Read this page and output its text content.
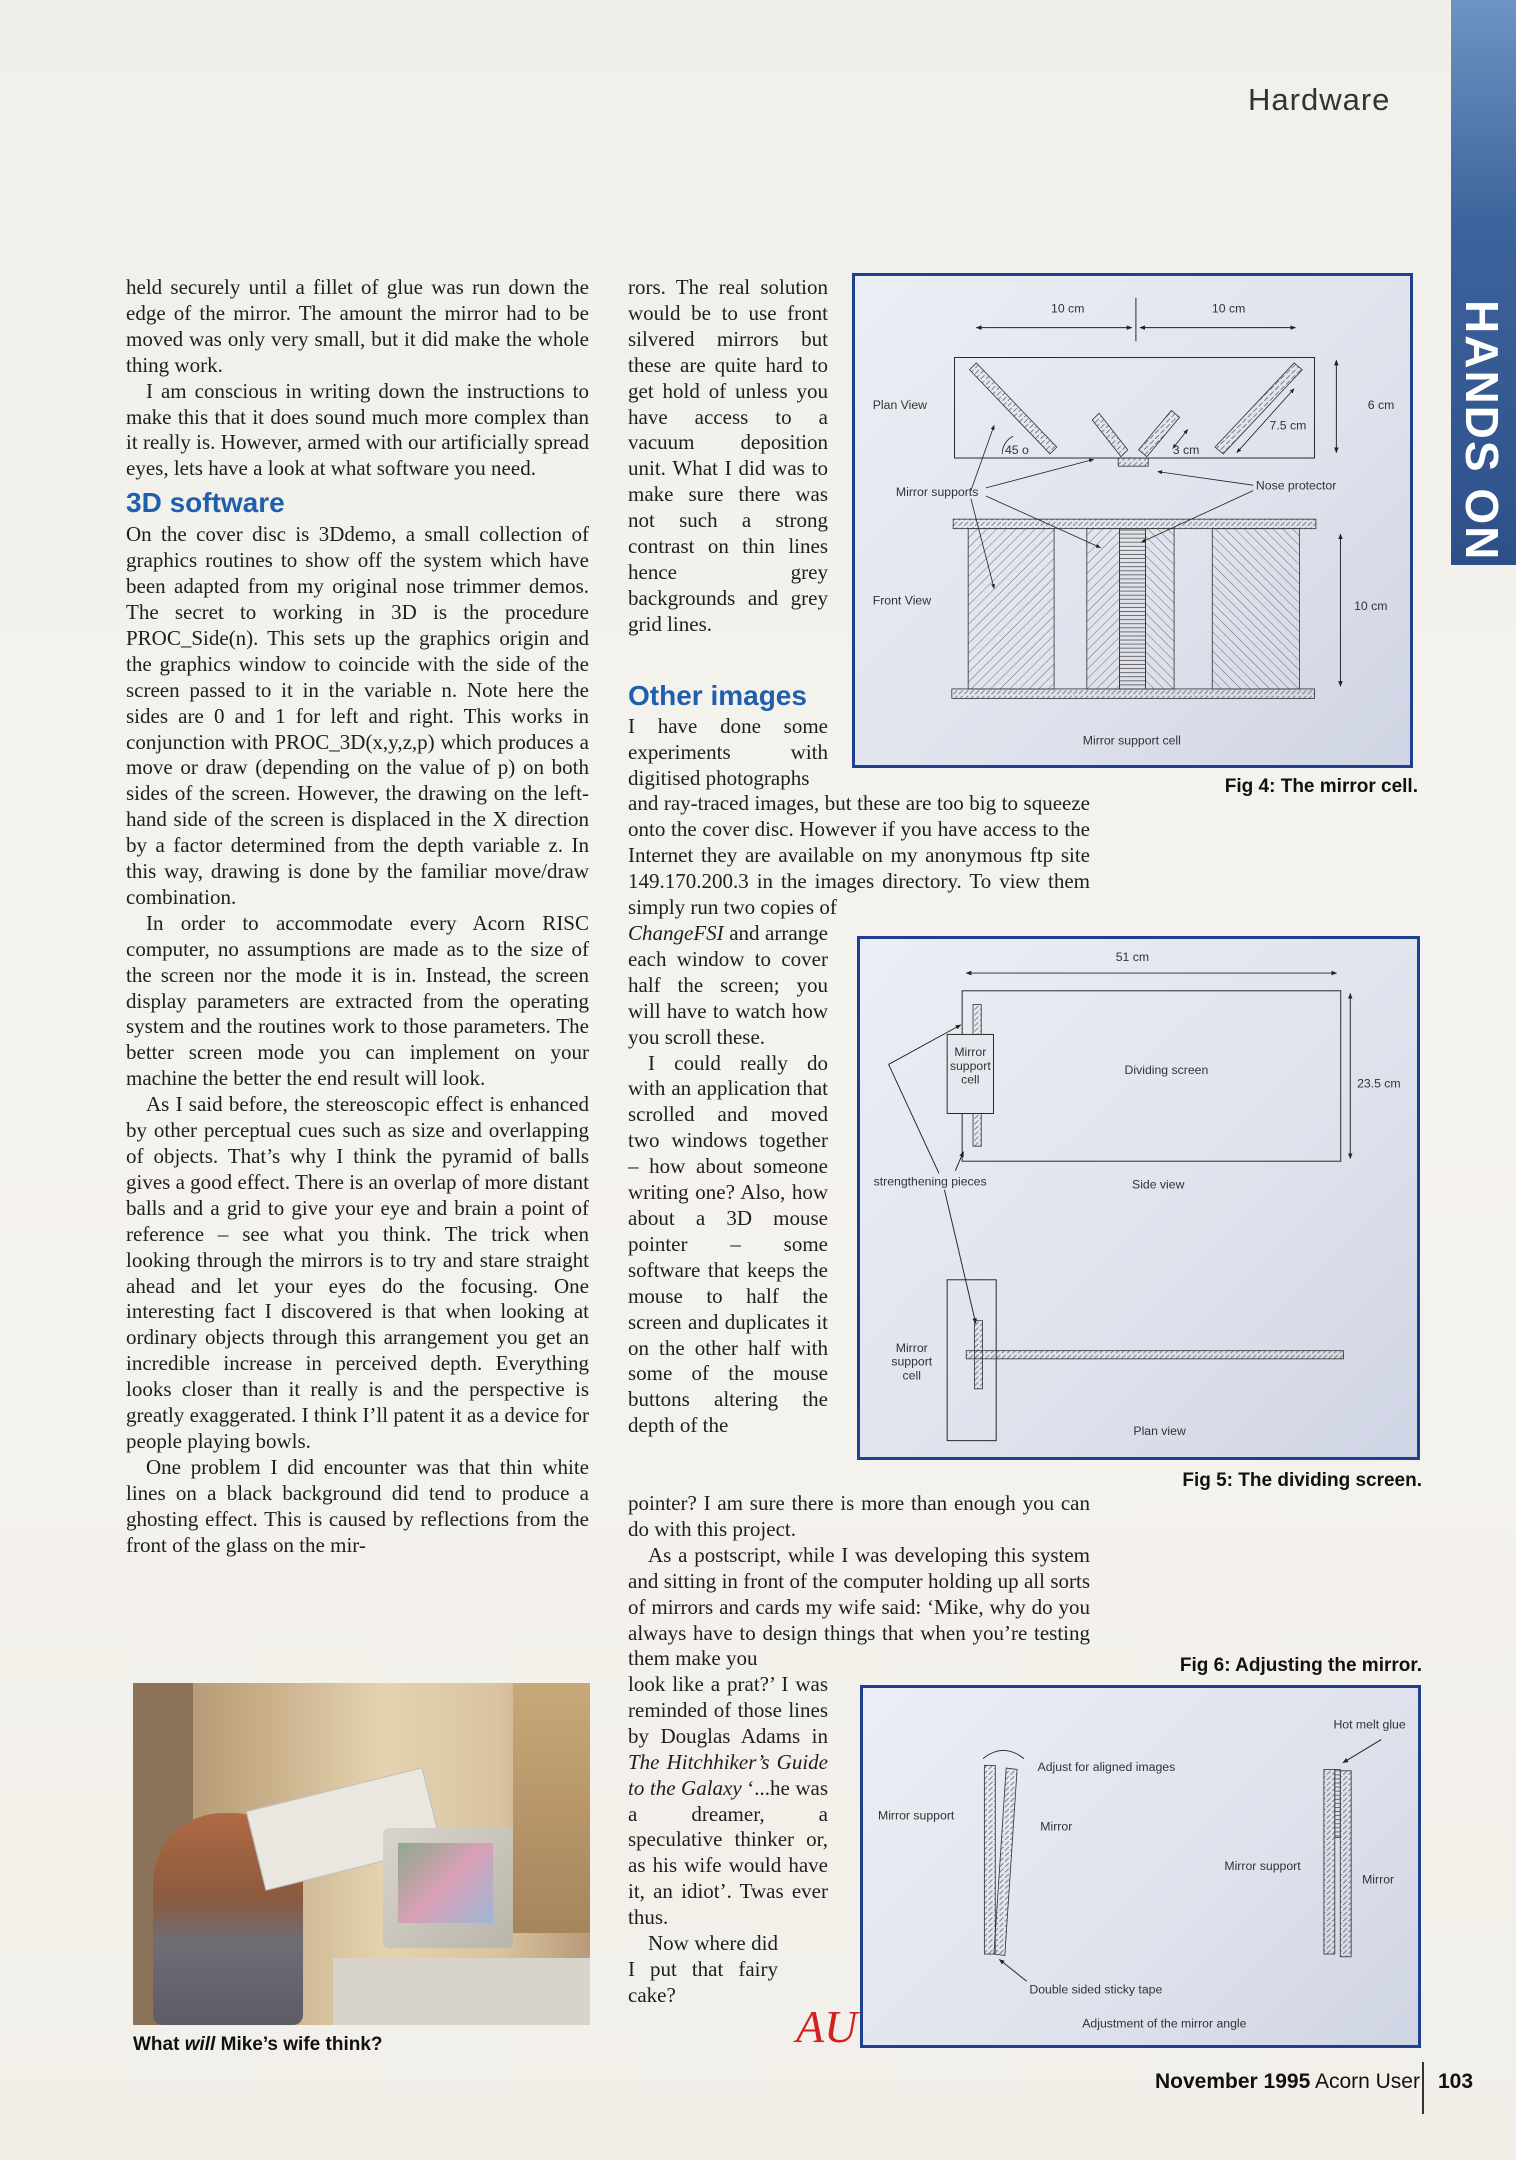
Hardware
HANDS ON

held securely until a fillet of glue was run down the edge of the mirror. The amount the mirror had to be moved was only very small, but it did make the whole thing work.

I am conscious in writing down the instructions to make this that it does sound much more complex than it really is. However, armed with our artificially spread eyes, lets have a look at what software you need.

3D software

On the cover disc is 3Ddemo, a small collection of graphics routines to show off the system which have been adapted from my original nose trimmer demos. The secret to working in 3D is the procedure PROC_Side(n). This sets up the graphics origin and the graphics window to coincide with the side of the screen passed to it in the variable n. Note here the sides are 0 and 1 for left and right. This works in conjunction with PROC_3D(x,y,z,p) which produces a move or draw (depending on the value of p) on both sides of the screen. However, the drawing on the left-hand side of the screen is displaced in the X direction by a factor determined from the depth variable z. In this way, drawing is done by the familiar move/draw combination.

In order to accommodate every Acorn RISC computer, no assumptions are made as to the size of the screen nor the mode it is in. Instead, the screen display parameters are extracted from the operating system and the routines work to those parameters. The better screen mode you can implement on your machine the better the end result will look.

As I said before, the stereoscopic effect is enhanced by other perceptual cues such as size and overlapping of objects. That’s why I think the pyramid of balls gives a good effect. There is an overlap of more distant balls and a grid to give your eye and brain a point of reference – see what you think. The trick when looking through the mirrors is to try and stare straight ahead and let your eyes do the focusing. One interesting fact I discovered is that when looking at ordinary objects through this arrangement you get an incredible increase in perceived depth. Everything looks closer than it really is and the perspective is greatly exaggerated. I think I’ll patent it as a device for people playing bowls.

One problem I did encounter was that thin white lines on a black background did tend to produce a ghosting effect. This is caused by reflections from the front of the glass on the mir-

What will Mike’s wife think?

rors. The real solution would be to use front silvered mirrors but these are quite hard to get hold of unless you have access to a vacuum deposition unit. What I did was to make sure there was not such a strong contrast on thin lines hence grey backgrounds and grey grid lines.

Other images

I have done some experiments with digitised photographs

and ray-traced images, but these are too big to squeeze onto the cover disc. However if you have access to the Internet they are available on my anonymous ftp site 149.170.200.3 in the images directory. To view them simply run two copies of

ChangeFSI and arrange each window to cover half the screen; you will have to watch how you scroll these.

I could really do with an application that scrolled and moved two windows together – how about someone writing one? Also, how about a 3D mouse pointer – some software that keeps the mouse to half the screen and duplicates it on the other half with some of the mouse buttons altering the depth of the

pointer? I am sure there is more than enough you can do with this project.

As a postscript, while I was developing this system and sitting in front of the computer holding up all sorts of mirrors and cards my wife said: ‘Mike, why do you always have to design things that when you’re testing them make you

look like a prat?’ I was reminded of those lines by Douglas Adams in The Hitchhiker’s Guide to the Galaxy ‘...he was a dreamer, a speculative thinker or, as his wife would have it, an idiot’. Twas ever thus.

Now where did I put that fairy cake?

AU
10 cm	10 cm
Plan View
45 o	3 cm
7.5 cm
6 cm
Mirror supports	Nose protector
Front View	10 cm
Mirror support cell
Fig 4: The mirror cell.
Mirror
support
cell
Mirror
support
cell
51 cm
Dividing screen
23.5 cm
strengthening pieces	Side view
Plan view
Fig 5: The dividing screen.
Fig 6: Adjusting the mirror.
Hot melt glue
Adjust for aligned images
Mirror support
Mirror
Mirror support
Mirror
Double sided sticky tape
Adjustment of the mirror angle
November 1995 Acorn User 103
